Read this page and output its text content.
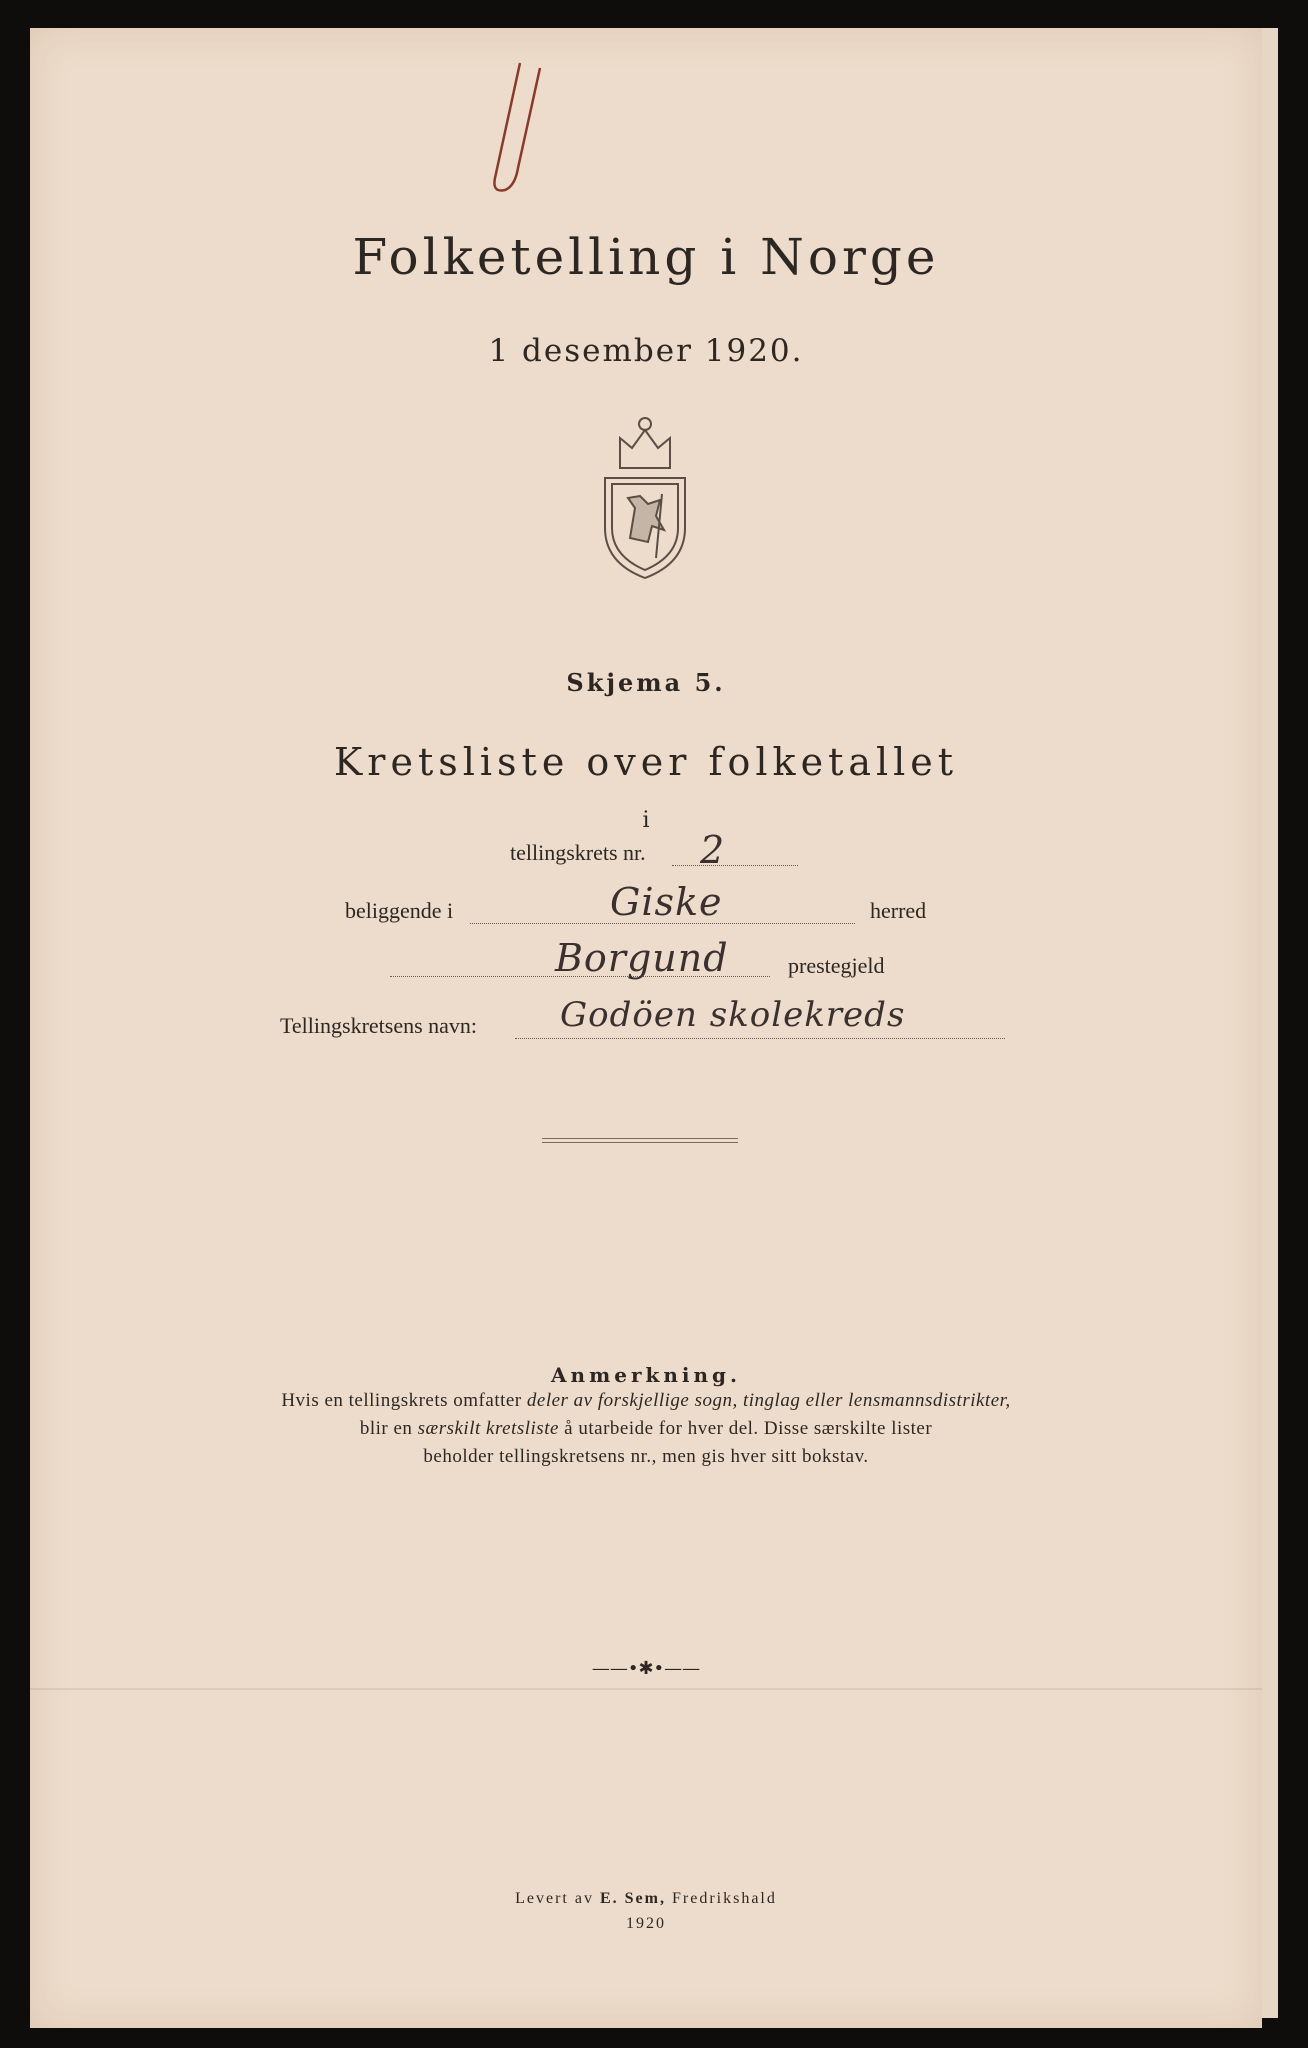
Folketelling i Norge
1 desember 1920.
Skjema 5.
Kretsliste over folketallet
i
tellingskrets nr. 2
beliggende i	Giske	herred
Borgund	prestegjeld
Tellingskretsens navn: Godöen skolekreds
Anmerkning.
Hvis en tellingskrets omfatter deler av forskjellige sogn, tinglag eller lensmannsdistrikter,
blir en særskilt kretsliste å utarbeide for hver del. Disse særskilte lister
beholder tellingskretsens nr., men gis hver sitt bokstav.
——•✱•——
Levert av E. Sem, Fredrikshald
1920
